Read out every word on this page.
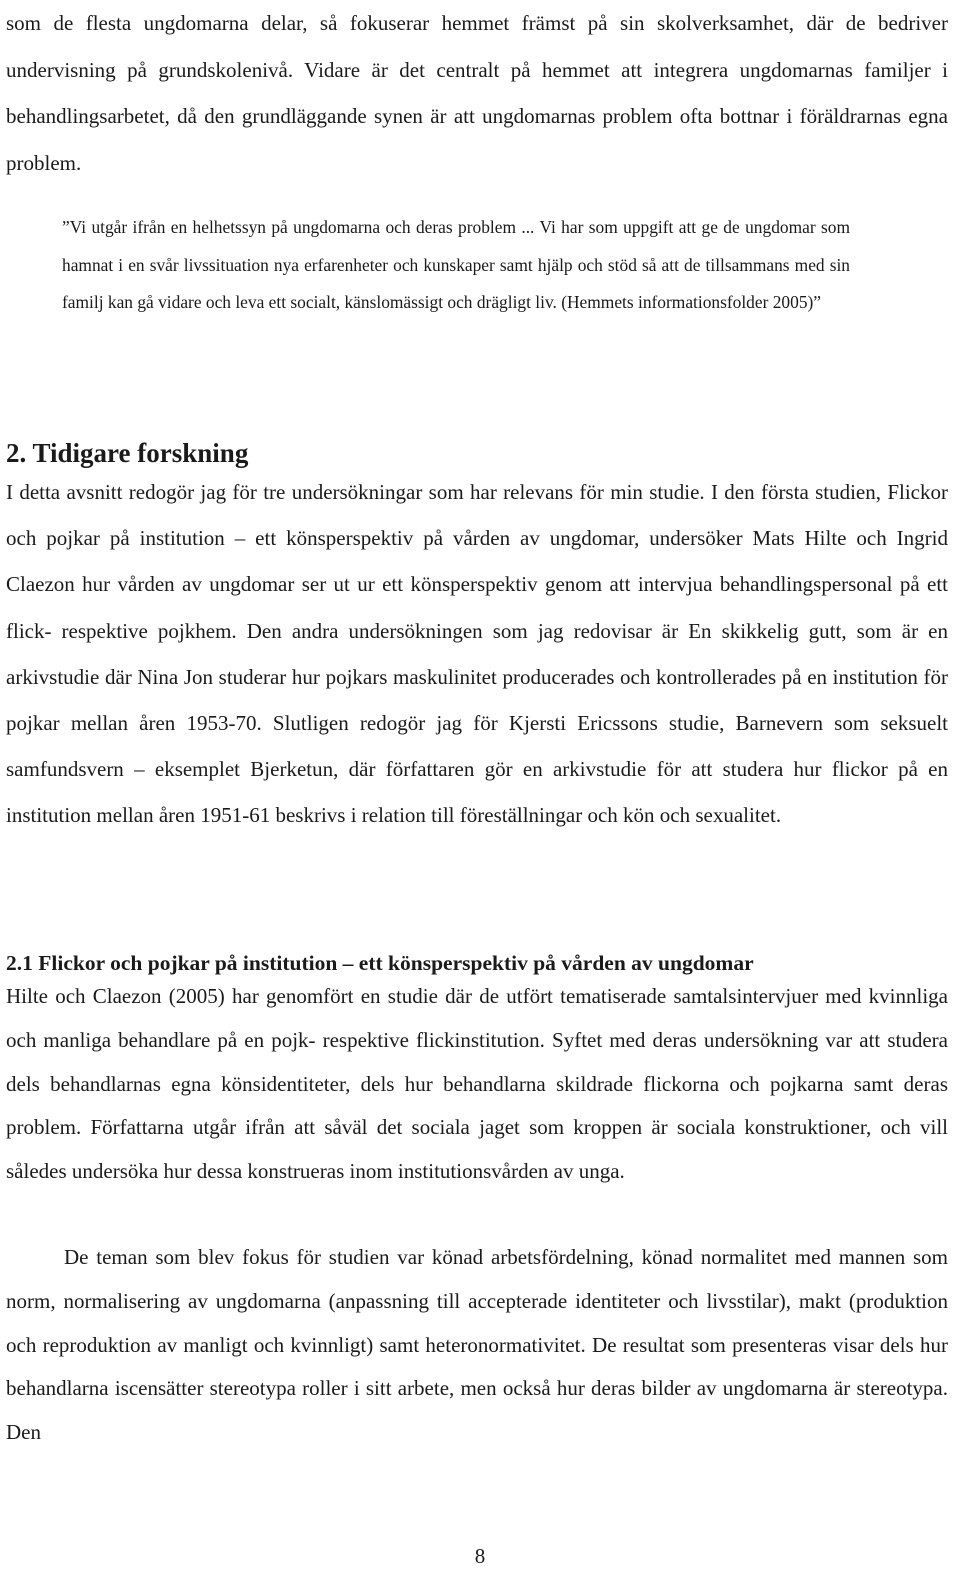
som de flesta ungdomarna delar, så fokuserar hemmet främst på sin skolverksamhet, där de bedriver undervisning på grundskolenivå. Vidare är det centralt på hemmet att integrera ungdomarnas familjer i behandlingsarbetet, då den grundläggande synen är att ungdomarnas problem ofta bottnar i föräldrarnas egna problem.

”Vi utgår ifrån en helhetssyn på ungdomarna och deras problem ... Vi har som uppgift att ge de ungdomar som hamnat i en svår livssituation nya erfarenheter och kunskaper samt hjälp och stöd så att de tillsammans med sin familj kan gå vidare och leva ett socialt, känslomässigt och drägligt liv. (Hemmets informationsfolder 2005)”

2. Tidigare forskning

I detta avsnitt redogör jag för tre undersökningar som har relevans för min studie. I den första studien, Flickor och pojkar på institution – ett könsperspektiv på vården av ungdomar, undersöker Mats Hilte och Ingrid Claezon hur vården av ungdomar ser ut ur ett könsperspektiv genom att intervjua behandlingspersonal på ett flick- respektive pojkhem. Den andra undersökningen som jag redovisar är En skikkelig gutt, som är en arkivstudie där Nina Jon studerar hur pojkars maskulinitet producerades och kontrollerades på en institution för pojkar mellan åren 1953-70. Slutligen redogör jag för Kjersti Ericssons studie, Barnevern som seksuelt samfundsvern – eksemplet Bjerketun, där författaren gör en arkivstudie för att studera hur flickor på en institution mellan åren 1951-61 beskrivs i relation till föreställningar och kön och sexualitet.

2.1 Flickor och pojkar på institution – ett könsperspektiv på vården av ungdomar

Hilte och Claezon (2005) har genomfört en studie där de utfört tematiserade samtalsintervjuer med kvinnliga och manliga behandlare på en pojk- respektive flickinstitution. Syftet med deras undersökning var att studera dels behandlarnas egna könsidentiteter, dels hur behandlarna skildrade flickorna och pojkarna samt deras problem. Författarna utgår ifrån att såväl det sociala jaget som kroppen är sociala konstruktioner, och vill således undersöka hur dessa konstrueras inom institutionsvården av unga.

De teman som blev fokus för studien var könad arbetsfördelning, könad normalitet med mannen som norm, normalisering av ungdomarna (anpassning till accepterade identiteter och livsstilar), makt (produktion och reproduktion av manligt och kvinnligt) samt heteronormativitet. De resultat som presenteras visar dels hur behandlarna iscensätter stereotypa roller i sitt arbete, men också hur deras bilder av ungdomarna är stereotypa. Den

8
